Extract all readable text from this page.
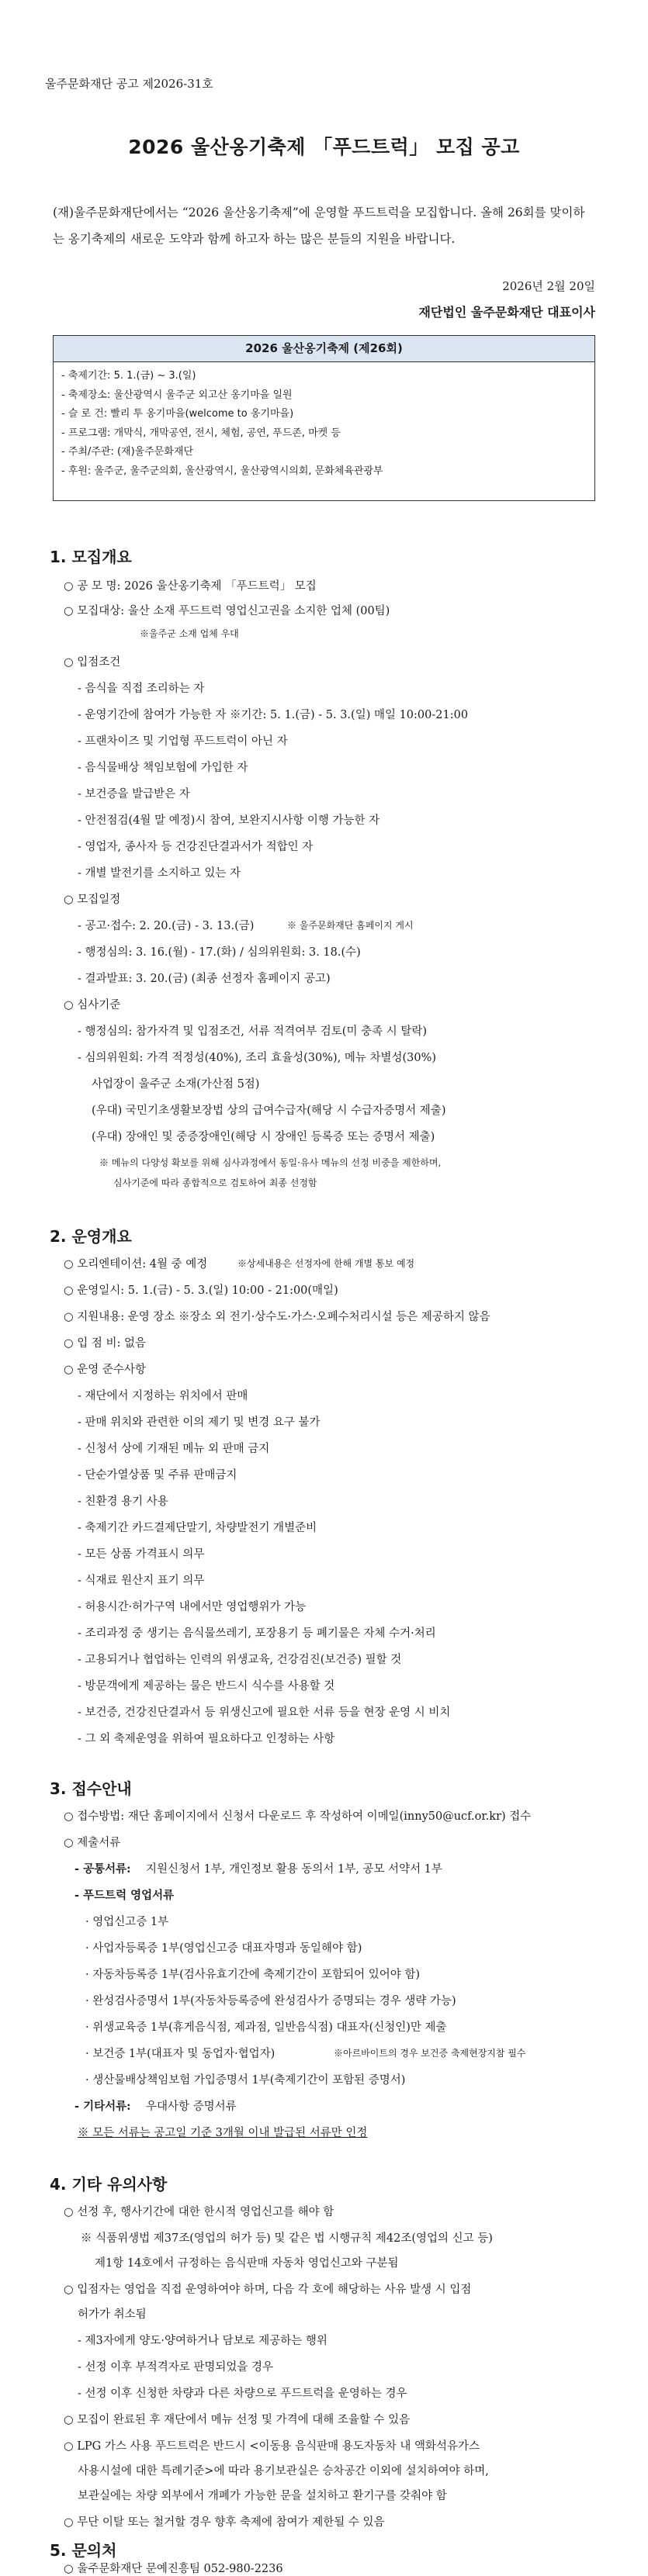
울주문화재단 공고 제2026-31호
2026 울산옹기축제 「푸드트럭」 모집 공고
(재)울주문화재단에서는 “2026 울산옹기축제”에 운영할 푸드트럭을 모집합니다. 올해 26회를 맞이하는 옹기축제의 새로운 도약과 함께 하고자 하는 많은 분들의 지원을 바랍니다.
2026년 2월 20일
재단법인 울주문화재단 대표이사
2026 울산옹기축제 (제26회)
- 축제기간: 5. 1.(금) ~ 3.(일)
- 축제장소: 울산광역시 울주군 외고산 옹기마을 일원
- 슬 로 건: 빨리 투 옹기마을(welcome to 옹기마을)
- 프로그램: 개막식, 개막공연, 전시, 체험, 공연, 푸드존, 마켓 등
- 주최/주관: (재)울주문화재단
- 후원: 울주군, 울주군의회, 울산광역시, 울산광역시의회, 문화체육관광부
1. 모집개요
○ 공 모 명: 2026 울산옹기축제 「푸드트럭」 모집
○ 모집대상: 울산 소재 푸드트럭 영업신고권을 소지한 업체 (00팀)
※울주군 소재 업체 우대
○ 입점조건
- 음식을 직접 조리하는 자
- 운영기간에 참여가 가능한 자 ※기간: 5. 1.(금) - 5. 3.(일) 매일 10:00-21:00
- 프랜차이즈 및 기업형 푸드트럭이 아닌 자
- 음식물배상 책임보험에 가입한 자
- 보건증을 발급받은 자
- 안전점검(4월 말 예정)시 참여, 보완지시사항 이행 가능한 자
- 영업자, 종사자 등 건강진단결과서가 적합인 자
- 개별 발전기를 소지하고 있는 자
○ 모집일정
- 공고·접수: 2. 20.(금) - 3. 13.(금)	※ 울주문화재단 홈페이지 게시
- 행정심의: 3. 16.(월) - 17.(화) / 심의위원회: 3. 18.(수)
- 결과발표: 3. 20.(금) (최종 선정자 홈페이지 공고)
○ 심사기준
- 행정심의: 참가자격 및 입점조건, 서류 적격여부 검토(미 충족 시 탈락)
- 심의위원회: 가격 적정성(40%), 조리 효율성(30%), 메뉴 차별성(30%)
사업장이 울주군 소재(가산점 5점)
(우대) 국민기초생활보장법 상의 급여수급자(해당 시 수급자증명서 제출)
(우대) 장애인 및 중증장애인(해당 시 장애인 등록증 또는 증명서 제출)
※ 메뉴의 다양성 확보를 위해 심사과정에서 동일·유사 메뉴의 선정 비중을 제한하며,
심사기준에 따라 종합적으로 검토하여 최종 선정함
2. 운영개요
○ 오리엔테이션: 4월 중 예정	※상세내용은 선정자에 한해 개별 통보 예정
○ 운영일시: 5. 1.(금) - 5. 3.(일) 10:00 - 21:00(매일)
○ 지원내용: 운영 장소 ※장소 외 전기·상수도·가스·오폐수처리시설 등은 제공하지 않음
○ 입 점 비: 없음
○ 운영 준수사항
- 재단에서 지정하는 위치에서 판매
- 판매 위치와 관련한 이의 제기 및 변경 요구 불가
- 신청서 상에 기재된 메뉴 외 판매 금지
- 단순가열상품 및 주류 판매금지
- 친환경 용기 사용
- 축제기간 카드결제단말기, 차량발전기 개별준비
- 모든 상품 가격표시 의무
- 식재료 원산지 표기 의무
- 허용시간·허가구역 내에서만 영업행위가 가능
- 조리과정 중 생기는 음식물쓰레기, 포장용기 등 폐기물은 자체 수거·처리
- 고용되거나 협업하는 인력의 위생교육, 건강검진(보건증) 필할 것
- 방문객에게 제공하는 물은 반드시 식수를 사용할 것
- 보건증, 건강진단결과서 등 위생신고에 필요한 서류 등을 현장 운영 시 비치
- 그 외 축제운영을 위하여 필요하다고 인정하는 사항
3. 접수안내
○ 접수방법: 재단 홈페이지에서 신청서 다운로드 후 작성하여 이메일(inny50@ucf.or.kr) 접수
○ 제출서류
- 공통서류: 지원신청서 1부, 개인정보 활용 동의서 1부, 공모 서약서 1부
- 푸드트럭 영업서류
· 영업신고증 1부
· 사업자등록증 1부(영업신고증 대표자명과 동일해야 함)
· 자동차등록증 1부(검사유효기간에 축제기간이 포함되어 있어야 함)
· 완성검사증명서 1부(자동차등록증에 완성검사가 증명되는 경우 생략 가능)
· 위생교육증 1부(휴게음식점, 제과점, 일반음식점) 대표자(신청인)만 제출
· 보건증 1부(대표자 및 동업자·협업자)	※아르바이트의 경우 보건증 축제현장지참 필수
· 생산물배상책임보험 가입증명서 1부(축제기간이 포함된 증명서)
- 기타서류: 우대사항 증명서류
※ 모든 서류는 공고일 기준 3개월 이내 발급된 서류만 인정
4. 기타 유의사항
○ 선정 후, 행사기간에 대한 한시적 영업신고를 해야 함
※ 식품위생법 제37조(영업의 허가 등) 및 같은 법 시행규칙 제42조(영업의 신고 등)
제1항 14호에서 규정하는 음식판매 자동차 영업신고와 구분됨
○ 입점자는 영업을 직접 운영하여야 하며, 다음 각 호에 해당하는 사유 발생 시 입점
허가가 취소됨
- 제3자에게 양도·양여하거나 담보로 제공하는 행위
- 선정 이후 부적격자로 판명되었을 경우
- 선정 이후 신청한 차량과 다른 차량으로 푸드트럭을 운영하는 경우
○ 모집이 완료된 후 재단에서 메뉴 선정 및 가격에 대해 조율할 수 있음
○ LPG 가스 사용 푸드트럭은 반드시 <이동용 음식판매 용도자동차 내 액화석유가스
사용시설에 대한 특례기준>에 따라 용기보관실은 승차공간 이외에 설치하여야 하며,
보관실에는 차량 외부에서 개폐가 가능한 문을 설치하고 환기구를 갖춰야 함
○ 무단 이탈 또는 철거할 경우 향후 축제에 참여가 제한될 수 있음
5. 문의처
○ 울주문화재단 문예진흥팀 052-980-2236
